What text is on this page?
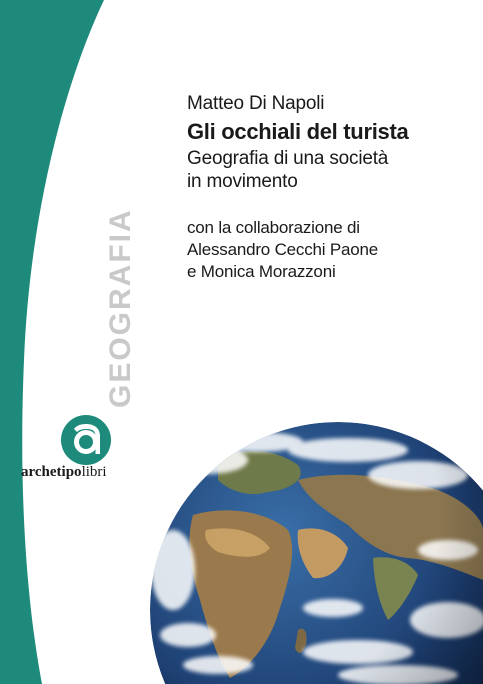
Matteo Di Napoli

Gli occhiali del turista

Geografia di una società
in movimento

con la collaborazione di
Alessandro Cecchi Paone
e Monica Morazzoni
GEOGRAFIA
archetipolibri
